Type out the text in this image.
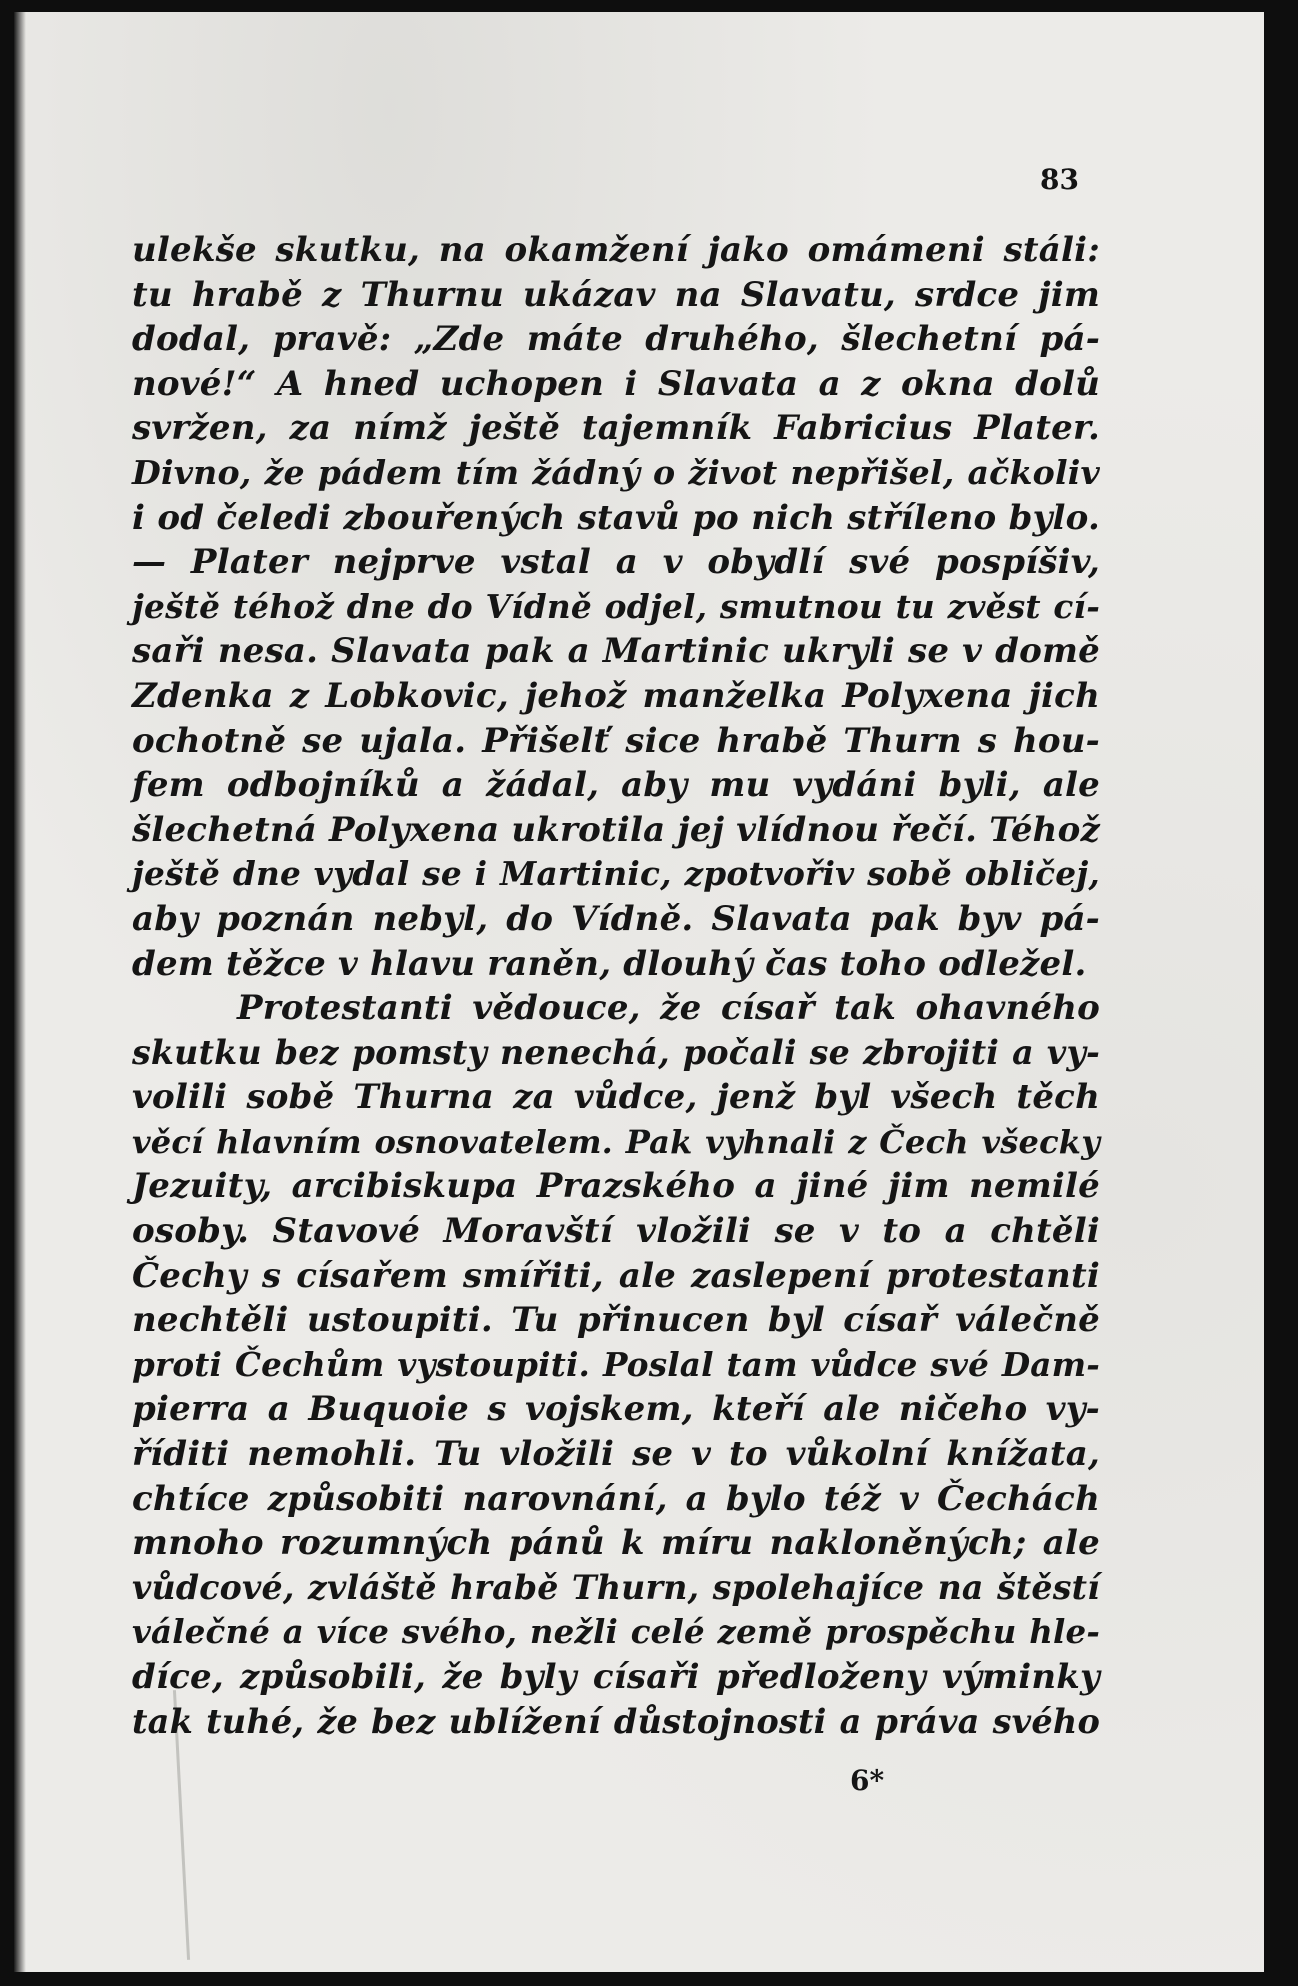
83
ulekše skutku, na okamžení jako omámeni stáli:
tu hrabě z Thurnu ukázav na Slavatu, srdce jim
dodal, pravě: „Zde máte druhého, šlechetní pá-
nové!“ A hned uchopen i Slavata a z okna dolů
svržen, za nímž ještě tajemník Fabricius Plater.
Divno, že pádem tím žádný o život nepřišel, ačkoliv
i od čeledi zbouřených stavů po nich stříleno bylo.
— Plater nejprve vstal a v obydlí své pospíšiv,
ještě téhož dne do Vídně odjel, smutnou tu zvěst cí-
saři nesa. Slavata pak a Martinic ukryli se v domě
Zdenka z Lobkovic, jehož manželka Polyxena jich
ochotně se ujala. Přišelť sice hrabě Thurn s hou-
fem odbojníků a žádal, aby mu vydáni byli, ale
šlechetná Polyxena ukrotila jej vlídnou řečí. Téhož
ještě dne vydal se i Martinic, zpotvořiv sobě obličej,
aby poznán nebyl, do Vídně. Slavata pak byv pá-
dem těžce v hlavu raněn, dlouhý čas toho odležel.
Protestanti vědouce, že císař tak ohavného
skutku bez pomsty nenechá, počali se zbrojiti a vy-
volili sobě Thurna za vůdce, jenž byl všech těch
věcí hlavním osnovatelem. Pak vyhnali z Čech všecky
Jezuity, arcibiskupa Prazského a jiné jim nemilé
osoby. Stavové Moravští vložili se v to a chtěli
Čechy s císařem smířiti, ale zaslepení protestanti
nechtěli ustoupiti. Tu přinucen byl císař válečně
proti Čechům vystoupiti. Poslal tam vůdce své Dam-
pierra a Buquoie s vojskem, kteří ale ničeho vy-
říditi nemohli. Tu vložili se v to vůkolní knížata,
chtíce způsobiti narovnání, a bylo též v Čechách
mnoho rozumných pánů k míru nakloněných; ale
vůdcové, zvláště hrabě Thurn, spolehajíce na štěstí
válečné a více svého, nežli celé země prospěchu hle-
díce, způsobili, že byly císaři předloženy výminky
tak tuhé, že bez ublížení důstojnosti a práva svého
6*
